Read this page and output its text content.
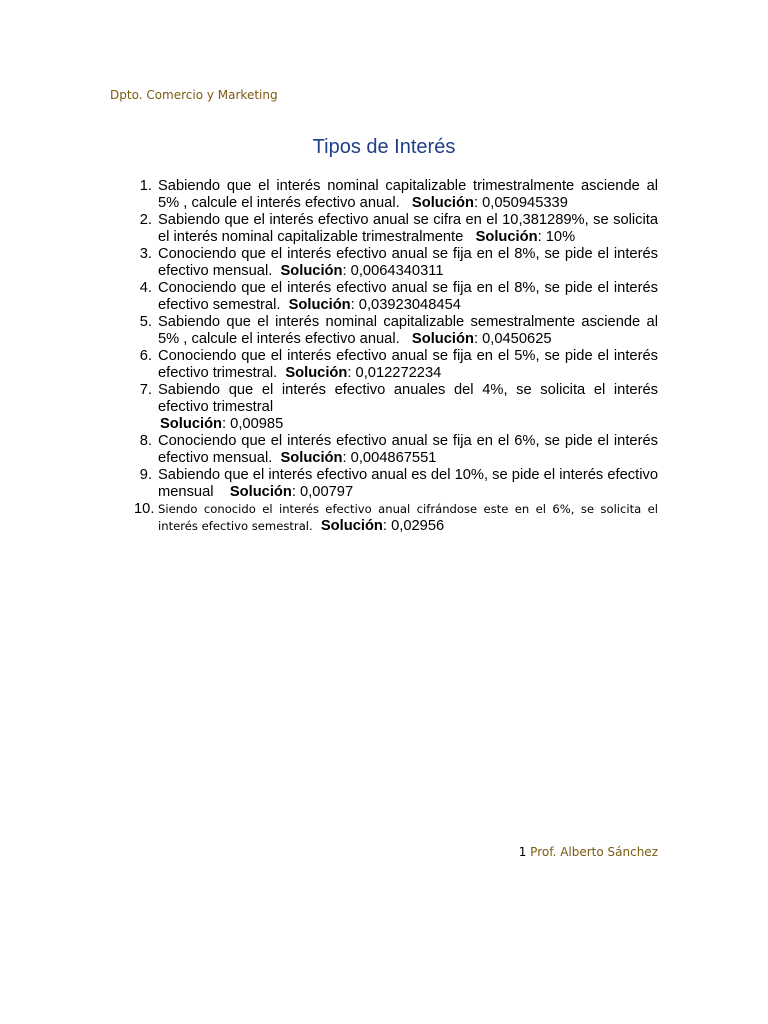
Dpto. Comercio y Marketing
Tipos de Interés
1. Sabiendo que el interés nominal capitalizable trimestralmente asciende al 5% , calcule el interés efectivo anual. Solución: 0,050945339
2. Sabiendo que el interés efectivo anual se cifra en el 10,381289%, se solicita el interés nominal capitalizable trimestralmente Solución: 10%
3. Conociendo que el interés efectivo anual se fija en el 8%, se pide el interés efectivo mensual. Solución: 0,0064340311
4. Conociendo que el interés efectivo anual se fija en el 8%, se pide el interés efectivo semestral. Solución: 0,03923048454
5. Sabiendo que el interés nominal capitalizable semestralmente asciende al 5% , calcule el interés efectivo anual. Solución: 0,0450625
6. Conociendo que el interés efectivo anual se fija en el 5%, se pide el interés efectivo trimestral. Solución: 0,012272234
7. Sabiendo que el interés efectivo anuales del 4%, se solicita el interés efectivo trimestral
Solución: 0,00985
8. Conociendo que el interés efectivo anual se fija en el 6%, se pide el interés efectivo mensual. Solución: 0,004867551
9. Sabiendo que el interés efectivo anual es del 10%, se pide el interés efectivo mensual Solución: 0,00797
10. Siendo conocido el interés efectivo anual cifrándose este en el 6%, se solicita el interés efectivo semestral. Solución: 0,02956
1 Prof. Alberto Sánchez
